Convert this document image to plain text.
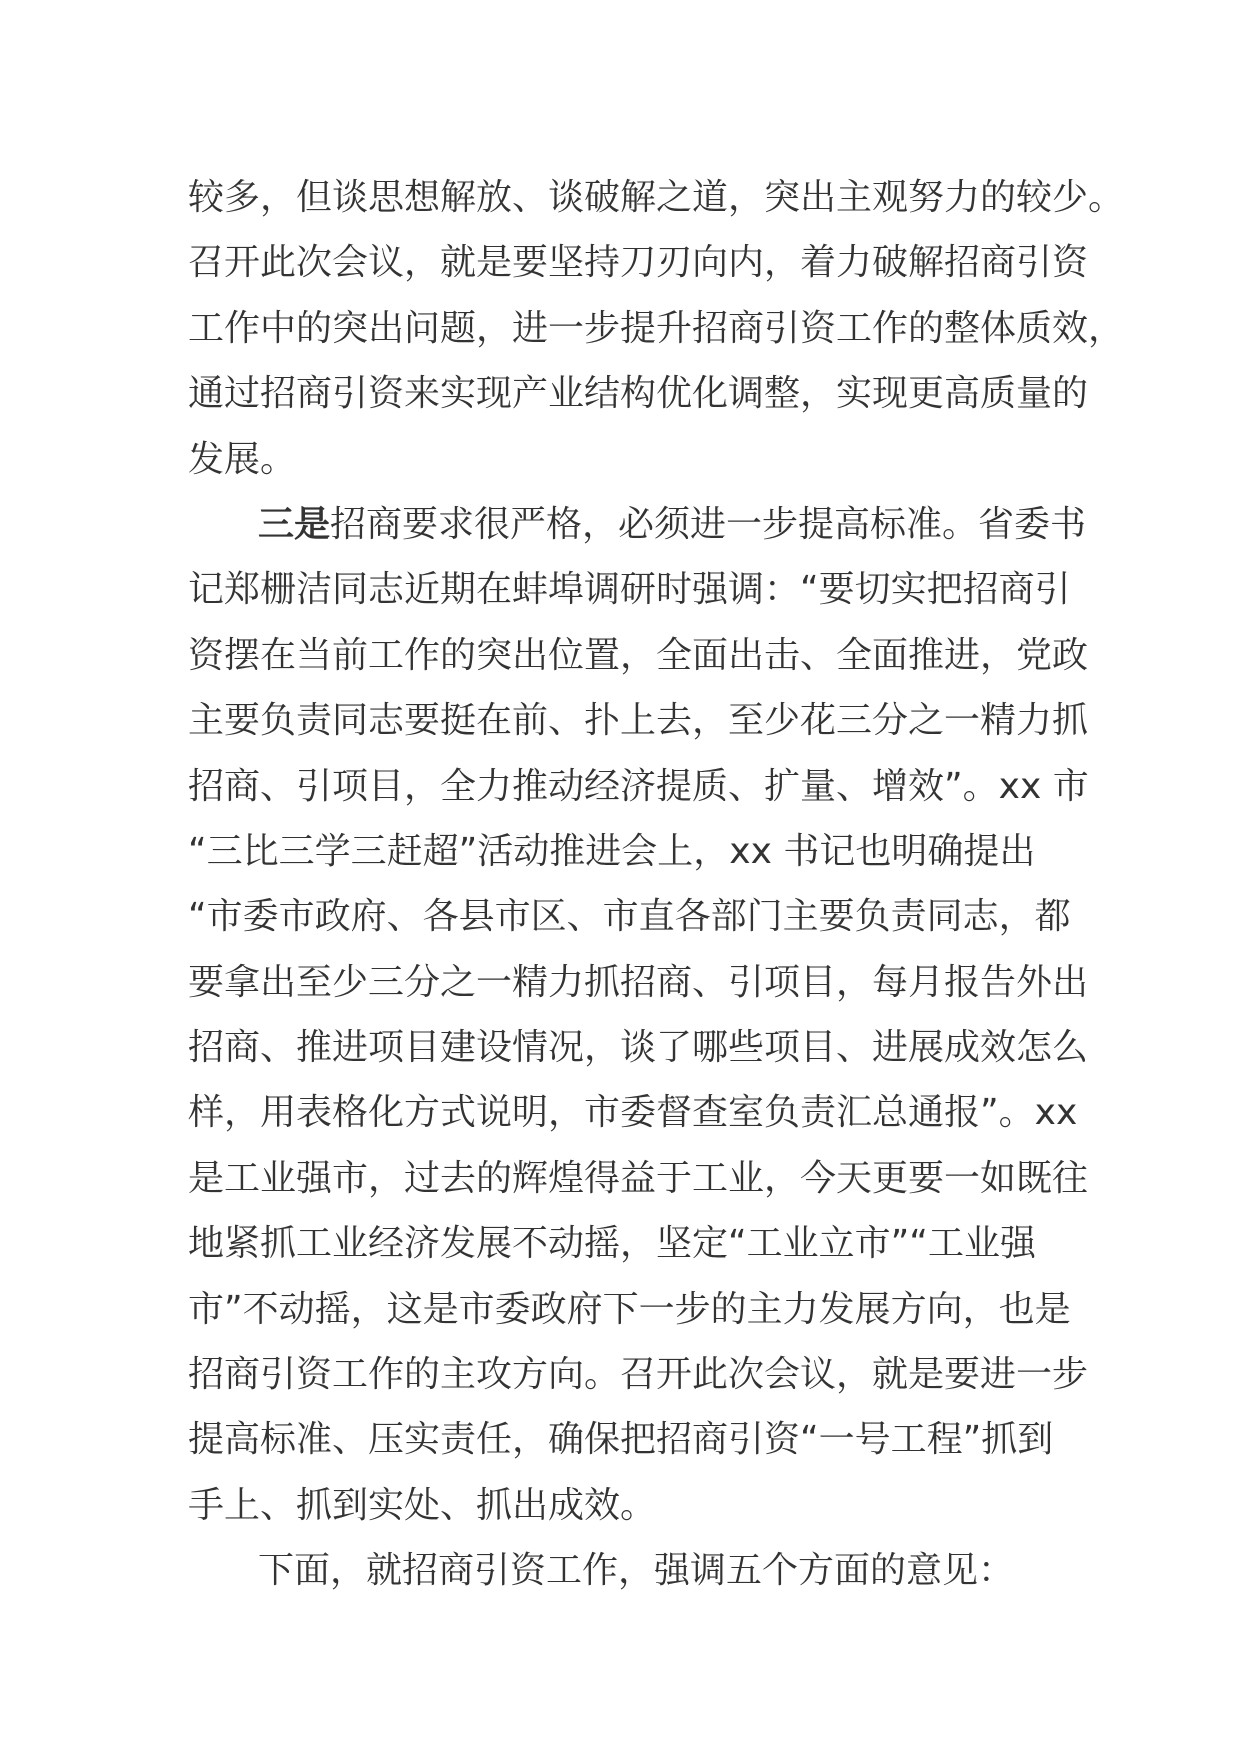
较多，但谈思想解放、谈破解之道，突出主观努力的较少。
召开此次会议，就是要坚持刀刃向内，着力破解招商引资
工作中的突出问题，进一步提升招商引资工作的整体质效，
通过招商引资来实现产业结构优化调整，实现更高质量的
发展。
三是招商要求很严格，必须进一步提高标准。省委书
记郑栅洁同志近期在蚌埠调研时强调：“要切实把招商引
资摆在当前工作的突出位置，全面出击、全面推进，党政
主要负责同志要挺在前、扑上去，至少花三分之一精力抓
招商、引项目，全力推动经济提质、扩量、增效”。xx 市
“三比三学三赶超”活动推进会上，xx 书记也明确提出
“市委市政府、各县市区、市直各部门主要负责同志，都
要拿出至少三分之一精力抓招商、引项目，每月报告外出
招商、推进项目建设情况，谈了哪些项目、进展成效怎么
样，用表格化方式说明，市委督查室负责汇总通报”。xx
是工业强市，过去的辉煌得益于工业，今天更要一如既往
地紧抓工业经济发展不动摇，坚定“工业立市”“工业强
市”不动摇，这是市委政府下一步的主力发展方向，也是
招商引资工作的主攻方向。召开此次会议，就是要进一步
提高标准、压实责任，确保把招商引资“一号工程”抓到
手上、抓到实处、抓出成效。
下面，就招商引资工作，强调五个方面的意见：
